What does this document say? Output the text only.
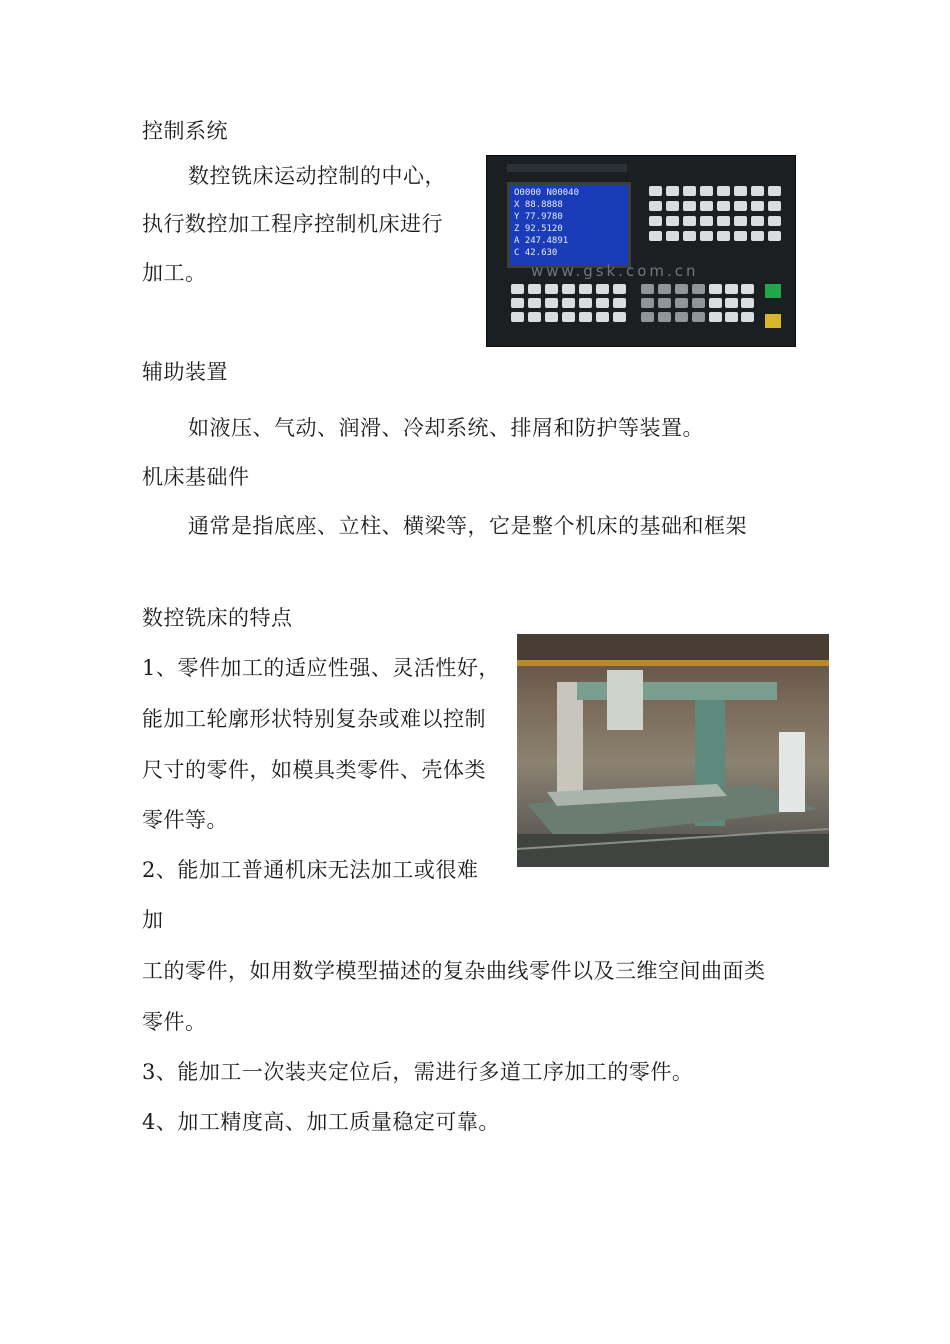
控制系统
数控铣床运动控制的中心，
执行数控加工程序控制机床进行
加工。
O0000 N00040
X 88.8888
Y 77.9780
Z 92.5120
A 247.4891
C 42.630
www.gsk.com.cn
辅助装置
如液压、气动、润滑、冷却系统、排屑和防护等装置。
机床基础件
通常是指底座、立柱、横梁等，它是整个机床的基础和框架
数控铣床的特点
1、零件加工的适应性强、灵活性好，
能加工轮廓形状特别复杂或难以控制
尺寸的零件，如模具类零件、壳体类
零件等。
2、能加工普通机床无法加工或很难
加
工的零件，如用数学模型描述的复杂曲线零件以及三维空间曲面类
零件。
3、能加工一次装夹定位后，需进行多道工序加工的零件。
4、加工精度高、加工质量稳定可靠。
